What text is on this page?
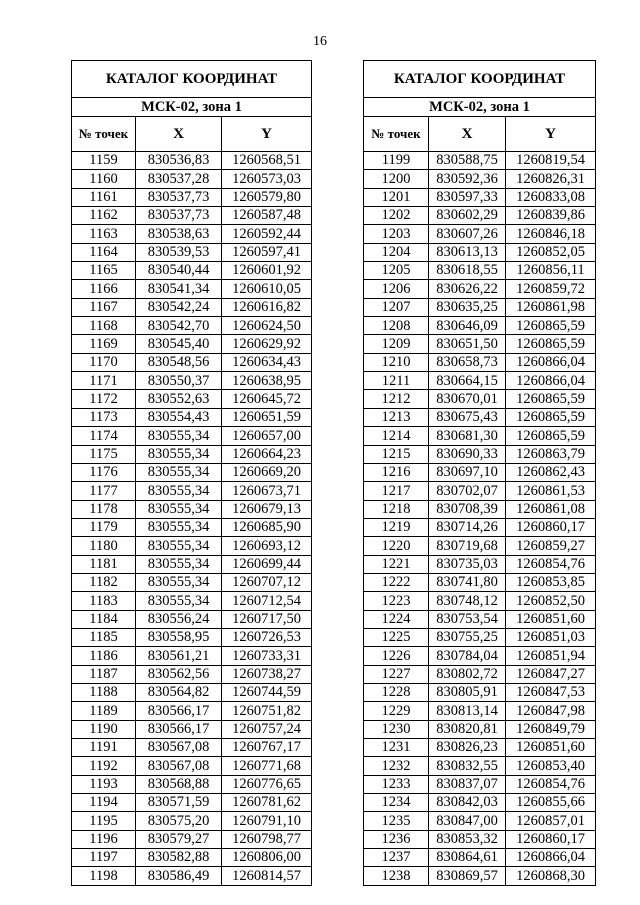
16
КАТАЛОГ КООРДИНАТ		
МСК-02, зона 1		
№ точек	X	Y
1159	830536,83	1260568,51
1160	830537,28	1260573,03
1161	830537,73	1260579,80
1162	830537,73	1260587,48
1163	830538,63	1260592,44
1164	830539,53	1260597,41
1165	830540,44	1260601,92
1166	830541,34	1260610,05
1167	830542,24	1260616,82
1168	830542,70	1260624,50
1169	830545,40	1260629,92
1170	830548,56	1260634,43
1171	830550,37	1260638,95
1172	830552,63	1260645,72
1173	830554,43	1260651,59
1174	830555,34	1260657,00
1175	830555,34	1260664,23
1176	830555,34	1260669,20
1177	830555,34	1260673,71
1178	830555,34	1260679,13
1179	830555,34	1260685,90
1180	830555,34	1260693,12
1181	830555,34	1260699,44
1182	830555,34	1260707,12
1183	830555,34	1260712,54
1184	830556,24	1260717,50
1185	830558,95	1260726,53
1186	830561,21	1260733,31
1187	830562,56	1260738,27
1188	830564,82	1260744,59
1189	830566,17	1260751,82
1190	830566,17	1260757,24
1191	830567,08	1260767,17
1192	830567,08	1260771,68
1193	830568,88	1260776,65
1194	830571,59	1260781,62
1195	830575,20	1260791,10
1196	830579,27	1260798,77
1197	830582,88	1260806,00
1198	830586,49	1260814,57
КАТАЛОГ КООРДИНАТ		
МСК-02, зона 1		
№ точек	X	Y
1199	830588,75	1260819,54
1200	830592,36	1260826,31
1201	830597,33	1260833,08
1202	830602,29	1260839,86
1203	830607,26	1260846,18
1204	830613,13	1260852,05
1205	830618,55	1260856,11
1206	830626,22	1260859,72
1207	830635,25	1260861,98
1208	830646,09	1260865,59
1209	830651,50	1260865,59
1210	830658,73	1260866,04
1211	830664,15	1260866,04
1212	830670,01	1260865,59
1213	830675,43	1260865,59
1214	830681,30	1260865,59
1215	830690,33	1260863,79
1216	830697,10	1260862,43
1217	830702,07	1260861,53
1218	830708,39	1260861,08
1219	830714,26	1260860,17
1220	830719,68	1260859,27
1221	830735,03	1260854,76
1222	830741,80	1260853,85
1223	830748,12	1260852,50
1224	830753,54	1260851,60
1225	830755,25	1260851,03
1226	830784,04	1260851,94
1227	830802,72	1260847,27
1228	830805,91	1260847,53
1229	830813,14	1260847,98
1230	830820,81	1260849,79
1231	830826,23	1260851,60
1232	830832,55	1260853,40
1233	830837,07	1260854,76
1234	830842,03	1260855,66
1235	830847,00	1260857,01
1236	830853,32	1260860,17
1237	830864,61	1260866,04
1238	830869,57	1260868,30
